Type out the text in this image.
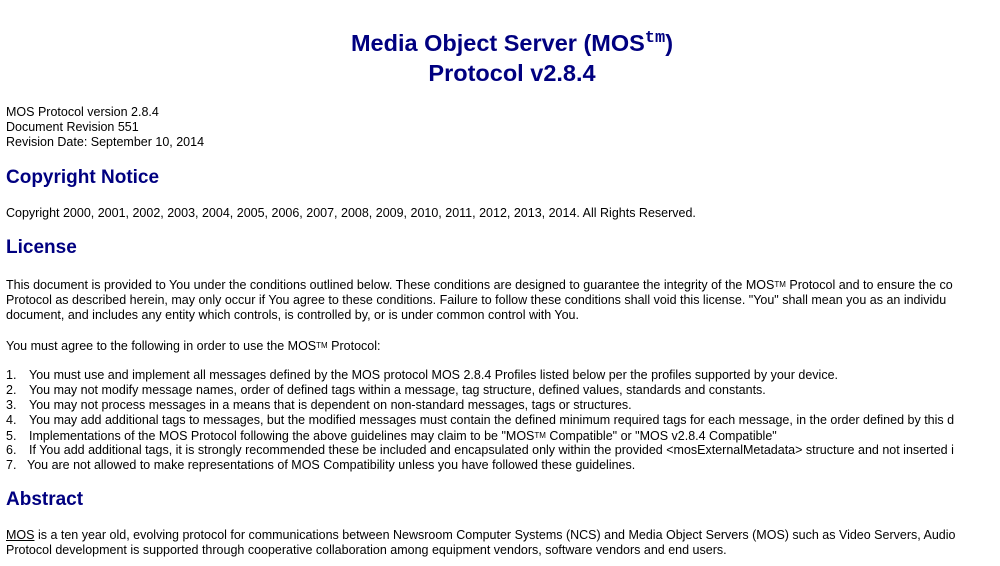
Media Object Server $(MOS^{tm})$
Protocol v2.8.4
MOS Protocol version 2.8.4
Document Revision 551
Revision Date: September 10, 2014
Copyright Notice
Copyright 2000, 2001, 2002, 2003, 2004, 2005, 2006, 2007, 2008, 2009, 2010, 2011, 2012, 2013, 2014. All Rights Reserved.
License
This document is provided to You under the conditions outlined below. These conditions are designed to guarantee the integrity of the MOSTM Protocol and to ensure the co
Protocol as described herein, may only occur if You agree to these conditions. Failure to follow these conditions shall void this license. "You" shall mean you as an individu
document, and includes any entity which controls, is controlled by, or is under common control with You.
You must agree to the following in order to use the MOSTM Protocol:
1. You must use and implement all messages defined by the MOS protocol MOS 2.8.4 Profiles listed below per the profiles supported by your device.
2. You may not modify message names, order of defined tags within a message, tag structure, defined values, standards and constants.
3. You may not process messages in a means that is dependent on non-standard messages, tags or structures.
4. You may add additional tags to messages, but the modified messages must contain the defined minimum required tags for each message, in the order defined by this d
5. Implementations of the MOS Protocol following the above guidelines may claim to be "MOSTM Compatible" or "MOS v2.8.4 Compatible"
6. If You add additional tags, it is strongly recommended these be included and encapsulated only within the provided <mosExternalMetadata> structure and not inserted i
7. You are not allowed to make representations of MOS Compatibility unless you have followed these guidelines.
Abstract
MOS is a ten year old, evolving protocol for communications between Newsroom Computer Systems (NCS) and Media Object Servers (MOS) such as Video Servers, Audio
Protocol development is supported through cooperative collaboration among equipment vendors, software vendors and end users.
